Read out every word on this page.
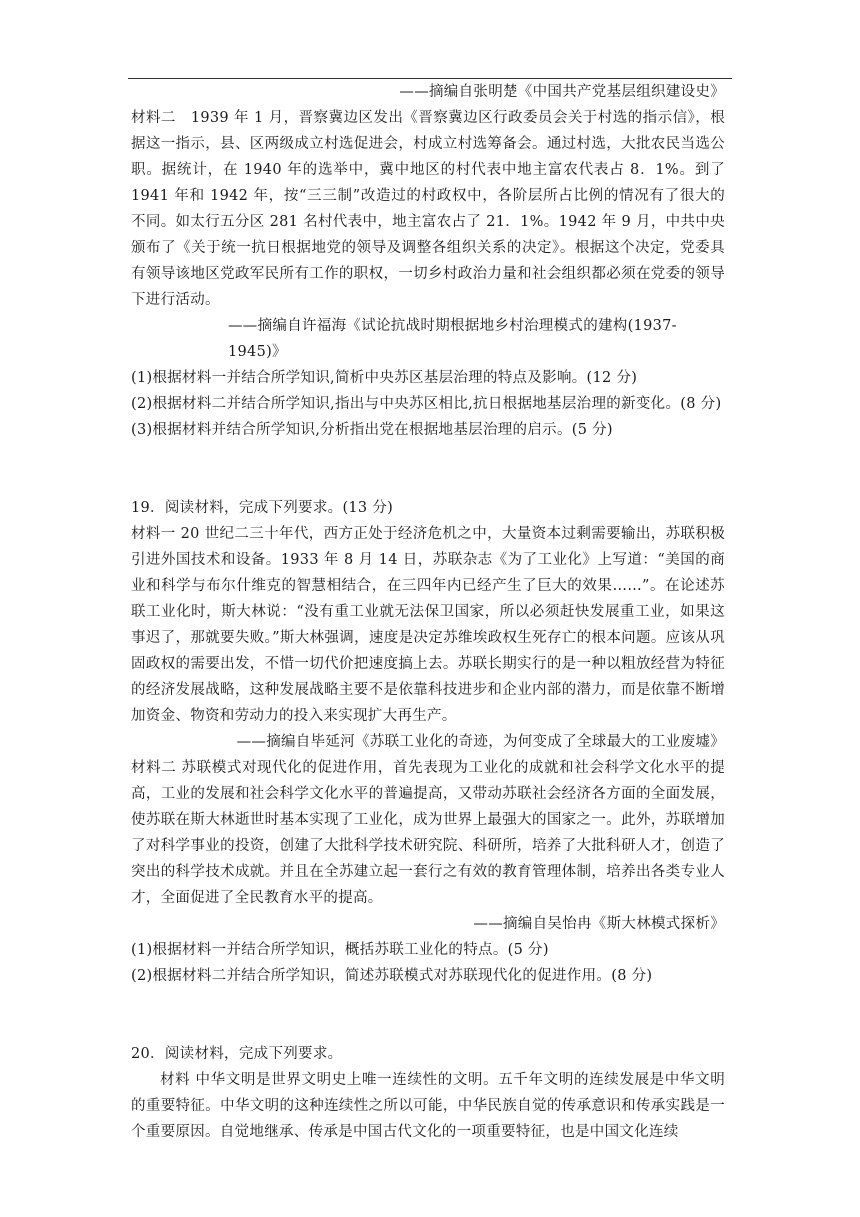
——摘编自张明楚《中国共产党基层组织建设史》

材料二　1939 年 1 月，晋察冀边区发出《晋察冀边区行政委员会关于村选的指示信》，根据这一指示，县、区两级成立村选促进会，村成立村选筹备会。通过村选，大批农民当选公职。据统计，在 1940 年的选举中，冀中地区的村代表中地主富农代表占 8．1%。到了 1941 年和 1942 年，按“三三制”改造过的村政权中，各阶层所占比例的情况有了很大的不同。如太行五分区 281 名村代表中，地主富农占了 21．1%。1942 年 9 月，中共中央颁布了《关于统一抗日根据地党的领导及调整各组织关系的决定》。根据这个决定，党委具有领导该地区党政军民所有工作的职权，一切乡村政治力量和社会组织都必须在党委的领导下进行活动。

——摘编自许福海《试论抗战时期根据地乡村治理模式的建构(1937-1945)》

(1)根据材料一并结合所学知识,简析中央苏区基层治理的特点及影响。(12 分)

(2)根据材料二并结合所学知识,指出与中央苏区相比,抗日根据地基层治理的新变化。(8 分)

(3)根据材料并结合所学知识,分析指出党在根据地基层治理的启示。(5 分)

19．阅读材料，完成下列要求。(13 分)

材料一 20 世纪二三十年代，西方正处于经济危机之中，大量资本过剩需要输出，苏联积极引进外国技术和设备。1933 年 8 月 14 日，苏联杂志《为了工业化》上写道：“美国的商业和科学与布尔什维克的智慧相结合，在三四年内已经产生了巨大的效果……”。在论述苏联工业化时，斯大林说：“没有重工业就无法保卫国家，所以必须赶快发展重工业，如果这事迟了，那就要失败。”斯大林强调，速度是决定苏维埃政权生死存亡的根本问题。应该从巩固政权的需要出发，不惜一切代价把速度搞上去。苏联长期实行的是一种以粗放经营为特征的经济发展战略，这种发展战略主要不是依靠科技进步和企业内部的潜力，而是依靠不断增加资金、物资和劳动力的投入来实现扩大再生产。

——摘编自毕延河《苏联工业化的奇迹，为何变成了全球最大的工业废墟》

材料二 苏联模式对现代化的促进作用，首先表现为工业化的成就和社会科学文化水平的提高，工业的发展和社会科学文化水平的普遍提高，又带动苏联社会经济各方面的全面发展，使苏联在斯大林逝世时基本实现了工业化，成为世界上最强大的国家之一。此外，苏联增加了对科学事业的投资，创建了大批科学技术研究院、科研所，培养了大批科研人才，创造了突出的科学技术成就。并且在全苏建立起一套行之有效的教育管理体制，培养出各类专业人才，全面促进了全民教育水平的提高。

——摘编自吴怡冉《斯大林模式探析》

(1)根据材料一并结合所学知识，概括苏联工业化的特点。(5 分)

(2)根据材料二并结合所学知识，简述苏联模式对苏联现代化的促进作用。(8 分)

20．阅读材料，完成下列要求。

材料 中华文明是世界文明史上唯一连续性的文明。五千年文明的连续发展是中华文明的重要特征。中华文明的这种连续性之所以可能，中华民族自觉的传承意识和传承实践是一个重要原因。自觉地继承、传承是中国古代文化的一项重要特征，也是中国文化连续
